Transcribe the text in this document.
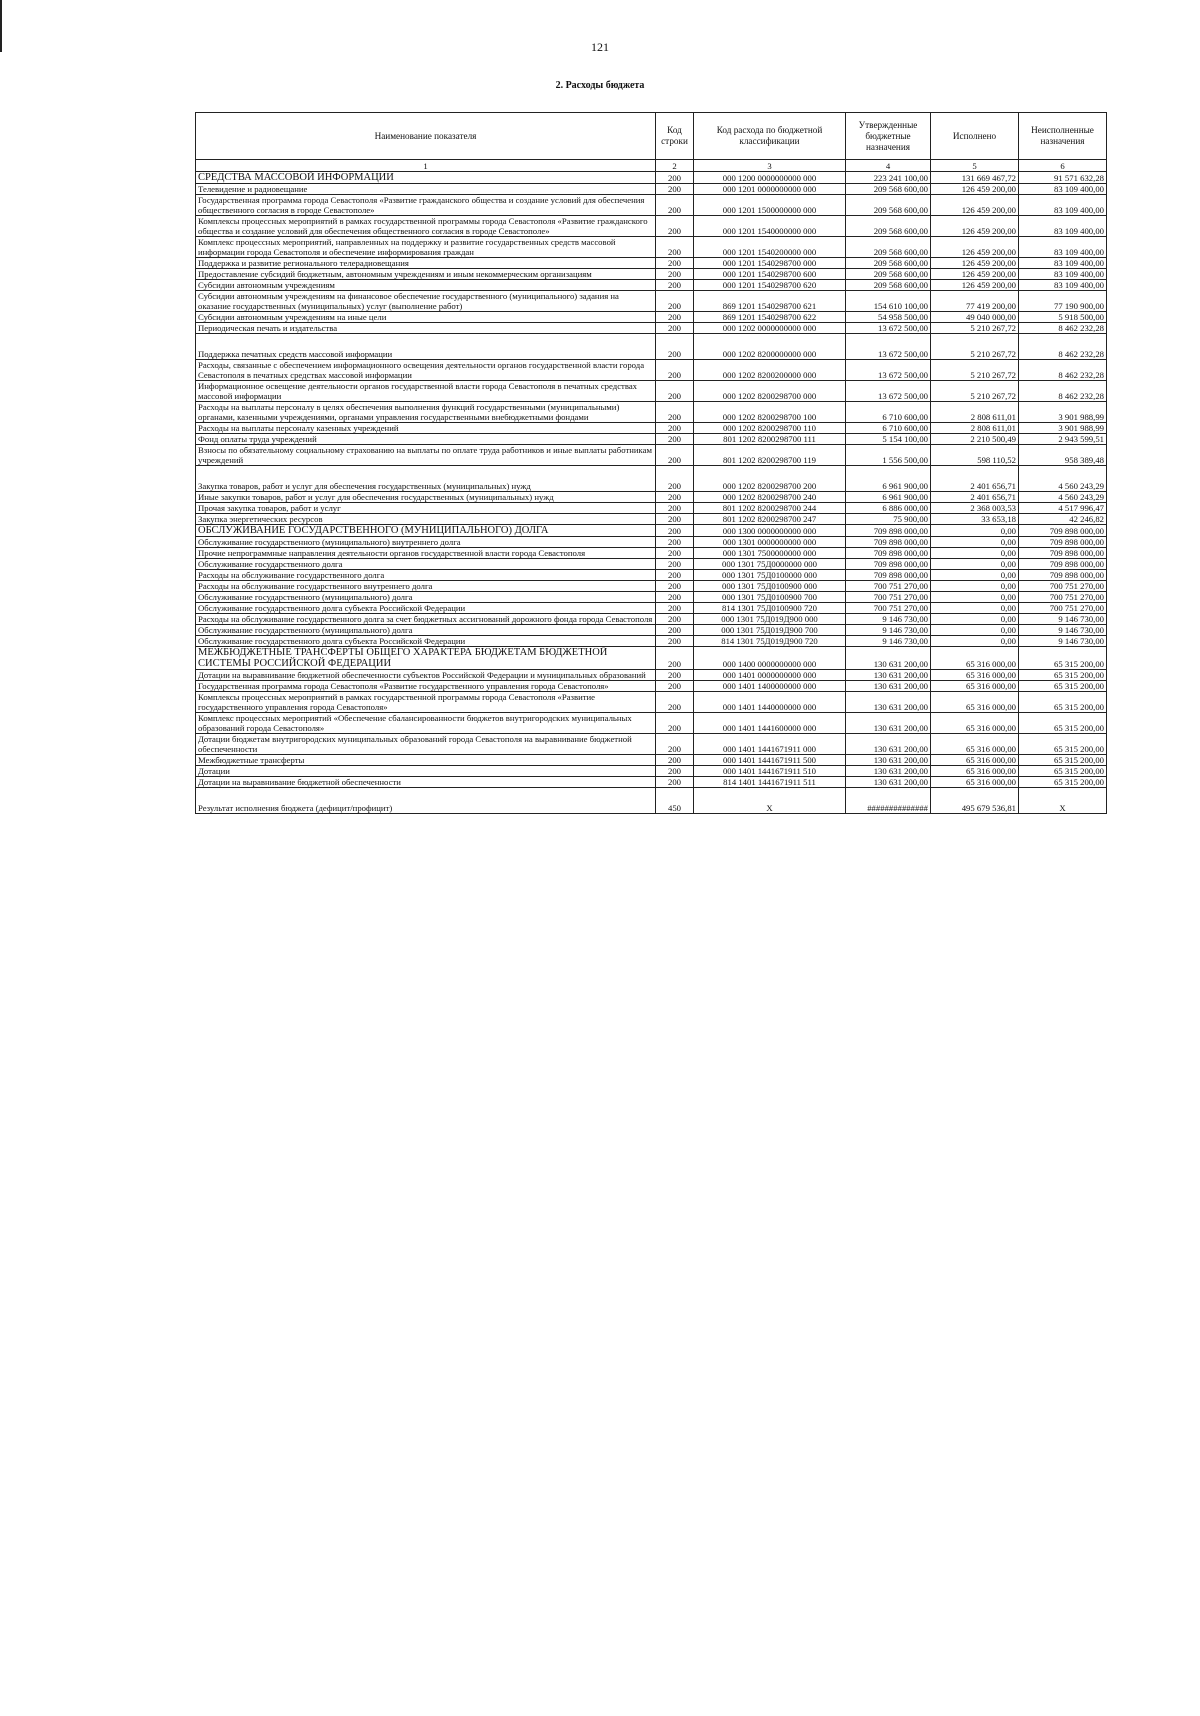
121
2. Расходы бюджета
Наименование показателя	Код строки	Код расхода по бюджетной классификации	Утвержденные бюджетные назначения	Исполнено	Неисполненные назначения
1	2	3	4	5	6
СРЕДСТВА МАССОВОЙ ИНФОРМАЦИИ	200	000 1200 0000000000 000	223 241 100,00	131 669 467,72	91 571 632,28
Телевидение и радиовещание	200	000 1201 0000000000 000	209 568 600,00	126 459 200,00	83 109 400,00
Государственная программа города Севастополя «Развитие гражданского общества и создание условий для обеспечения общественного согласия в городе Севастополе»	200	000 1201 1500000000 000	209 568 600,00	126 459 200,00	83 109 400,00
Комплексы процессных мероприятий в рамках государственной программы города Севастополя «Развитие гражданского общества и создание условий для обеспечения общественного согласия в городе Севастополе»	200	000 1201 1540000000 000	209 568 600,00	126 459 200,00	83 109 400,00
Комплекс процессных мероприятий, направленных на поддержку и развитие государственных средств массовой информации города Севастополя и обеспечение информирования граждан	200	000 1201 1540200000 000	209 568 600,00	126 459 200,00	83 109 400,00
Поддержка и развитие регионального телерадиовещания	200	000 1201 1540298700 000	209 568 600,00	126 459 200,00	83 109 400,00
Предоставление субсидий бюджетным, автономным учреждениям и иным некоммерческим организациям	200	000 1201 1540298700 600	209 568 600,00	126 459 200,00	83 109 400,00
Субсидии автономным учреждениям	200	000 1201 1540298700 620	209 568 600,00	126 459 200,00	83 109 400,00
Субсидии автономным учреждениям на финансовое обеспечение государственного (муниципального) задания на оказание государственных (муниципальных) услуг (выполнение работ)	200	869 1201 1540298700 621	154 610 100,00	77 419 200,00	77 190 900,00
Субсидии автономным учреждениям на иные цели	200	869 1201 1540298700 622	54 958 500,00	49 040 000,00	5 918 500,00
Периодическая печать и издательства	200	000 1202 0000000000 000	13 672 500,00	5 210 267,72	8 462 232,28
Поддержка печатных средств массовой информации	200	000 1202 8200000000 000	13 672 500,00	5 210 267,72	8 462 232,28
Расходы, связанные с обеспечением информационного освещения деятельности органов государственной власти города Севастополя в печатных средствах массовой информации	200	000 1202 8200200000 000	13 672 500,00	5 210 267,72	8 462 232,28
Информационное освещение деятельности органов государственной власти города Севастополя в печатных средствах массовой информации	200	000 1202 8200298700 000	13 672 500,00	5 210 267,72	8 462 232,28
Расходы на выплаты персоналу в целях обеспечения выполнения функций государственными (муниципальными) органами, казенными учреждениями, органами управления государственными внебюджетными фондами	200	000 1202 8200298700 100	6 710 600,00	2 808 611,01	3 901 988,99
Расходы на выплаты персоналу казенных учреждений	200	000 1202 8200298700 110	6 710 600,00	2 808 611,01	3 901 988,99
Фонд оплаты труда учреждений	200	801 1202 8200298700 111	5 154 100,00	2 210 500,49	2 943 599,51
Взносы по обязательному социальному страхованию на выплаты по оплате труда работников и иные выплаты работникам учреждений	200	801 1202 8200298700 119	1 556 500,00	598 110,52	958 389,48
Закупка товаров, работ и услуг для обеспечения государственных (муниципальных) нужд	200	000 1202 8200298700 200	6 961 900,00	2 401 656,71	4 560 243,29
Иные закупки товаров, работ и услуг для обеспечения государственных (муниципальных) нужд	200	000 1202 8200298700 240	6 961 900,00	2 401 656,71	4 560 243,29
Прочая закупка товаров, работ и услуг	200	801 1202 8200298700 244	6 886 000,00	2 368 003,53	4 517 996,47
Закупка энергетических ресурсов	200	801 1202 8200298700 247	75 900,00	33 653,18	42 246,82
ОБСЛУЖИВАНИЕ ГОСУДАРСТВЕННОГО (МУНИЦИПАЛЬНОГО) ДОЛГА	200	000 1300 0000000000 000	709 898 000,00	0,00	709 898 000,00
Обслуживание государственного (муниципального) внутреннего долга	200	000 1301 0000000000 000	709 898 000,00	0,00	709 898 000,00
Прочие непрограммные направления деятельности органов государственной власти города Севастополя	200	000 1301 7500000000 000	709 898 000,00	0,00	709 898 000,00
Обслуживание государственного долга	200	000 1301 75Д0000000 000	709 898 000,00	0,00	709 898 000,00
Расходы на обслуживание государственного долга	200	000 1301 75Д0100000 000	709 898 000,00	0,00	709 898 000,00
Расходы на обслуживание государственного внутреннего долга	200	000 1301 75Д0100900 000	700 751 270,00	0,00	700 751 270,00
Обслуживание государственного (муниципального) долга	200	000 1301 75Д0100900 700	700 751 270,00	0,00	700 751 270,00
Обслуживание государственного долга субъекта Российской Федерации	200	814 1301 75Д0100900 720	700 751 270,00	0,00	700 751 270,00
Расходы на обслуживание государственного долга за счет бюджетных ассигнований дорожного фонда города Севастополя	200	000 1301 75Д019Д900 000	9 146 730,00	0,00	9 146 730,00
Обслуживание государственного (муниципального) долга	200	000 1301 75Д019Д900 700	9 146 730,00	0,00	9 146 730,00
Обслуживание государственного долга субъекта Российской Федерации	200	814 1301 75Д019Д900 720	9 146 730,00	0,00	9 146 730,00
МЕЖБЮДЖЕТНЫЕ ТРАНСФЕРТЫ ОБЩЕГО ХАРАКТЕРА БЮДЖЕТАМ БЮДЖЕТНОЙ СИСТЕМЫ РОССИЙСКОЙ ФЕДЕРАЦИИ	200	000 1400 0000000000 000	130 631 200,00	65 316 000,00	65 315 200,00
Дотации на выравнивание бюджетной обеспеченности субъектов Российской Федерации и муниципальных образований	200	000 1401 0000000000 000	130 631 200,00	65 316 000,00	65 315 200,00
Государственная программа города Севастополя «Развитие государственного управления города Севастополя»	200	000 1401 1400000000 000	130 631 200,00	65 316 000,00	65 315 200,00
Комплексы процессных мероприятий в рамках государственной программы города Севастополя «Развитие государственного управления города Севастополя»	200	000 1401 1440000000 000	130 631 200,00	65 316 000,00	65 315 200,00
Комплекс процессных мероприятий «Обеспечение сбалансированности бюджетов внутригородских муниципальных образований города Севастополя»	200	000 1401 1441600000 000	130 631 200,00	65 316 000,00	65 315 200,00
Дотации бюджетам внутригородских муниципальных образований города Севастополя на выравнивание бюджетной обеспеченности	200	000 1401 1441671911 000	130 631 200,00	65 316 000,00	65 315 200,00
Межбюджетные трансферты	200	000 1401 1441671911 500	130 631 200,00	65 316 000,00	65 315 200,00
Дотации	200	000 1401 1441671911 510	130 631 200,00	65 316 000,00	65 315 200,00
Дотации на выравнивание бюджетной обеспеченности	200	814 1401 1441671911 511	130 631 200,00	65 316 000,00	65 315 200,00
Результат исполнения бюджета (дефицит/профицит)	450	X	##############	495 679 536,81	X
